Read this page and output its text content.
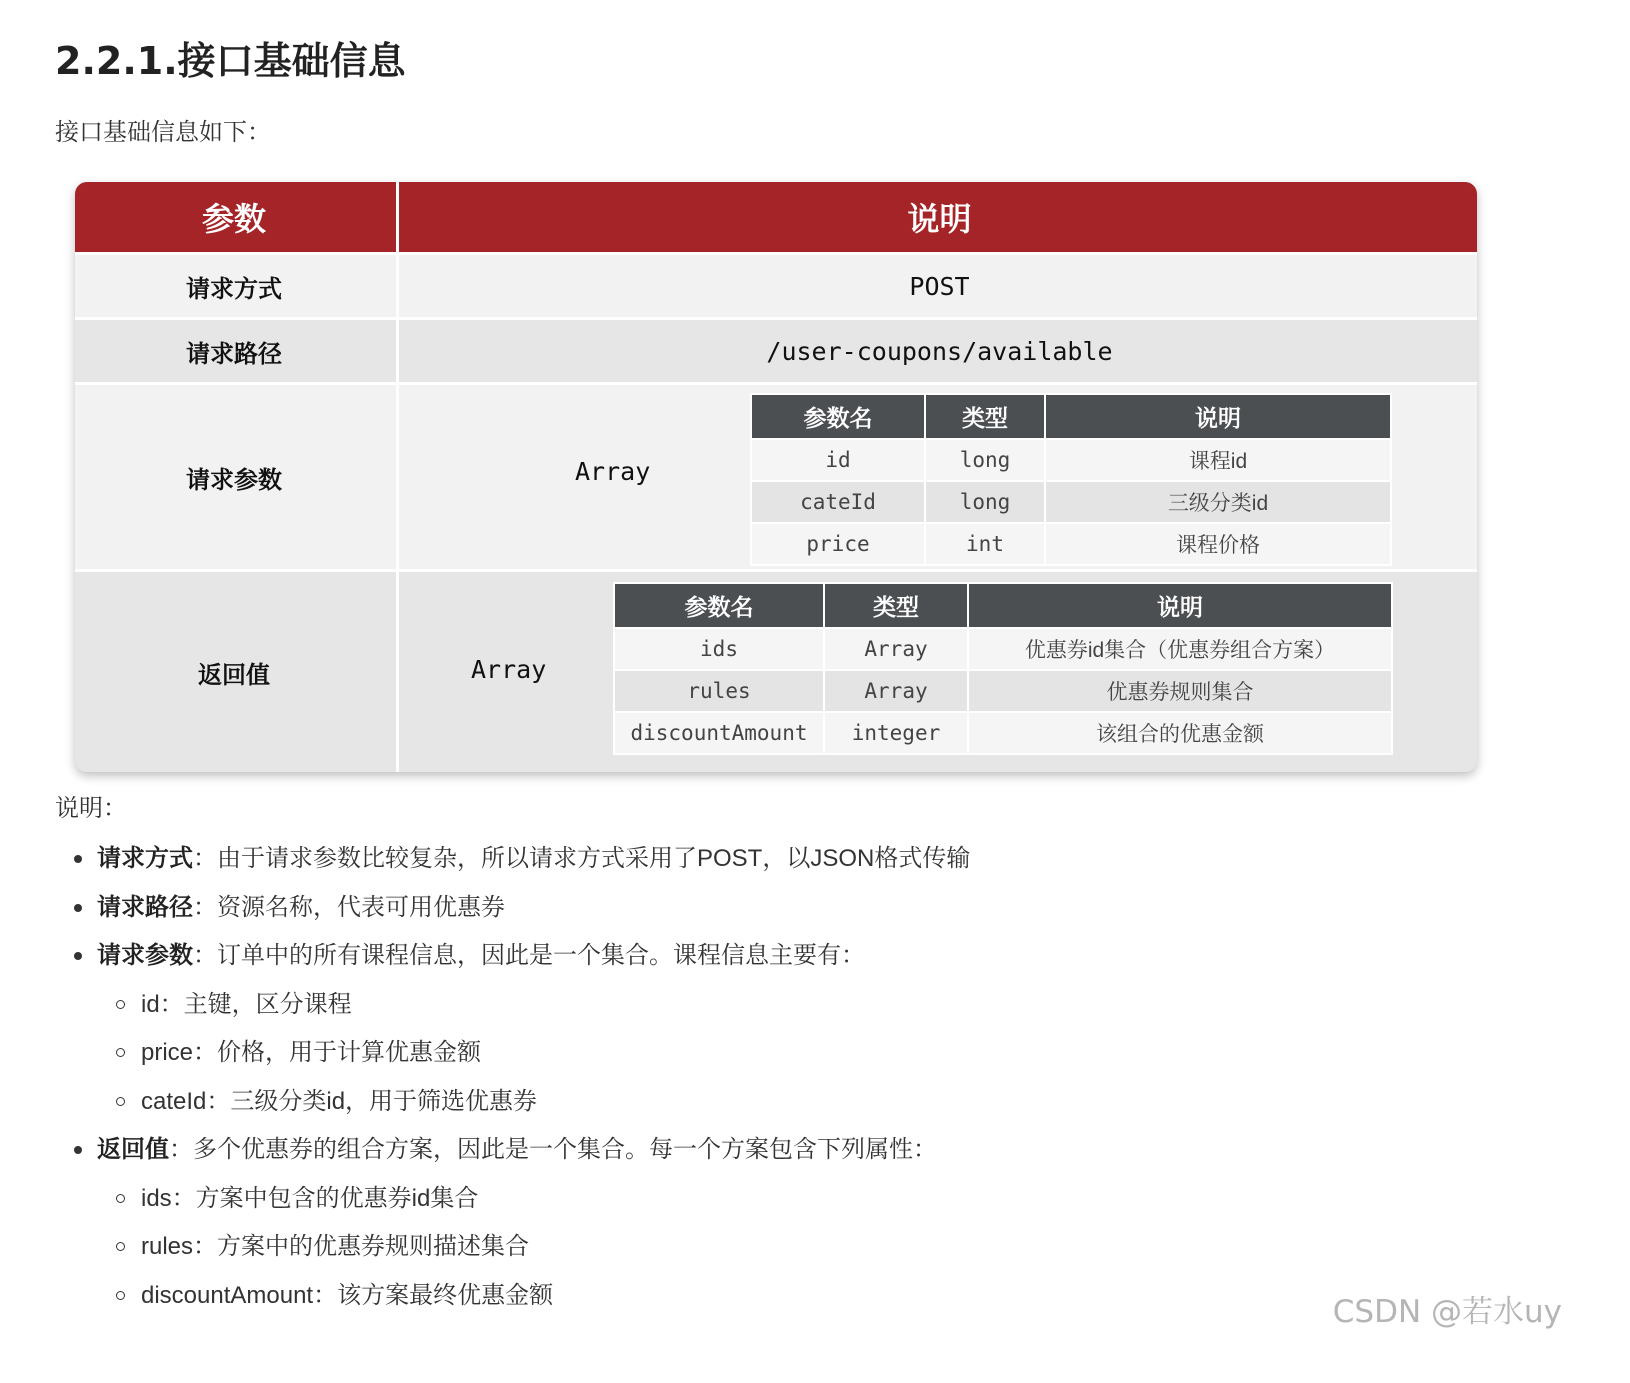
2.2.1.接口基础信息
接口基础信息如下：
参数	说明
请求方式	POST
请求路径	/user-coupons/available
请求参数	Array
参数名	类型	说明
id	long	课程id
cateId	long	三级分类id
price	int	课程价格
返回值	Array
参数名	类型	说明
ids	Array	优惠券id集合（优惠券组合方案）
rules	Array	优惠券规则集合
discountAmount	integer	该组合的优惠金额
说明：
请求方式：由于请求参数比较复杂，所以请求方式采用了POST，以JSON格式传输
请求路径：资源名称，代表可用优惠券
请求参数：订单中的所有课程信息，因此是一个集合。课程信息主要有：
id：主键，区分课程
price：价格，用于计算优惠金额
cateId：三级分类id，用于筛选优惠券
返回值：多个优惠券的组合方案，因此是一个集合。每一个方案包含下列属性：
ids：方案中包含的优惠券id集合
rules：方案中的优惠券规则描述集合
discountAmount：该方案最终优惠金额	CSDN @若水uy
